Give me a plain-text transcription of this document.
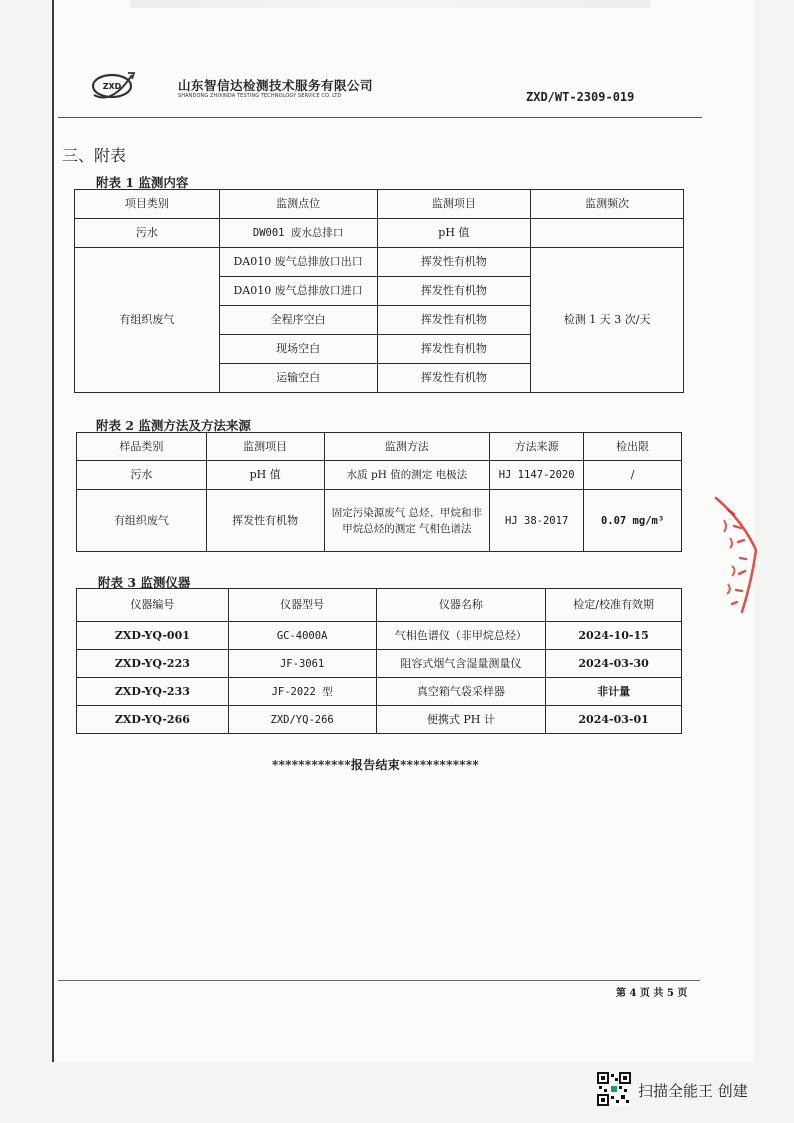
ZXD	山东智信达检测技术服务有限公司
SHANDONG ZHIXINDA TESTING TECHNOLOGY SERVICE CO. LTD	ZXD/WT-2309-019
三、附表
附表 1 监测内容
项目类别	监测点位	监测项目	监测频次
污水	DW001 废水总排口	pH 值	
有组织废气	DA010 废气总排放口出口	挥发性有机物	检测 1 天 3 次/天
	DA010 废气总排放口进口	挥发性有机物	
	全程序空白	挥发性有机物	
	现场空白	挥发性有机物	
	运输空白	挥发性有机物	
附表 2 监测方法及方法来源
样品类别	监测项目	监测方法	方法来源	检出限
污水	pH 值	水质 pH 值的测定 电极法	HJ 1147-2020	/
有组织废气	挥发性有机物	固定污染源废气 总烃、甲烷和非甲烷总烃的测定 气相色谱法	HJ 38-2017	0.07 mg/m³
附表 3 监测仪器
仪器编号	仪器型号	仪器名称	检定/校准有效期
ZXD-YQ-001	GC-4000A	气相色谱仪（非甲烷总烃）	2024-10-15
ZXD-YQ-223	JF-3061	阻容式烟气含湿量测量仪	2024-03-30
ZXD-YQ-233	JF-2022 型	真空箱气袋采样器	非计量
ZXD-YQ-266	ZXD/YQ-266	便携式 PH 计	2024-03-01
************报告结束************
第 4 页 共 5 页
扫描全能王 创建
